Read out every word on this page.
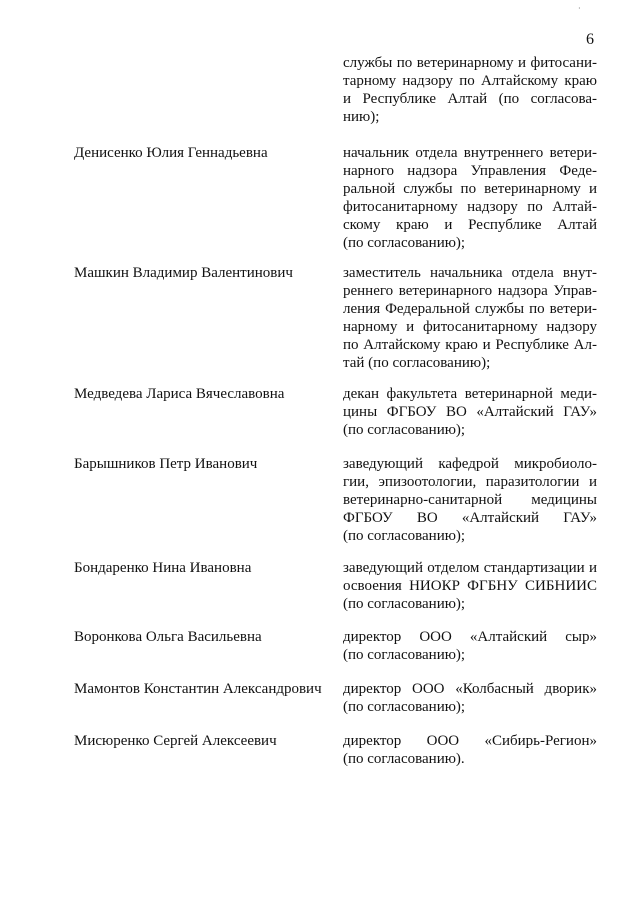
·
6
службы по ветеринарному и фитосани-
тарному надзору по Алтайскому краю
и Республике Алтай (по согласова-
нию);
Денисенко Юлия Геннадьевна	начальник отдела внутреннего ветери-
нарного надзора Управления Феде-
ральной службы по ветеринарному и
фитосанитарному надзору по Алтай-
скому краю и Республике Алтай
(по согласованию);
Машкин Владимир Валентинович	заместитель начальника отдела внут-
реннего ветеринарного надзора Управ-
ления Федеральной службы по ветери-
нарному и фитосанитарному надзору
по Алтайскому краю и Республике Ал-
тай (по согласованию);
Медведева Лариса Вячеславовна	декан факультета ветеринарной меди-
цины ФГБОУ ВО «Алтайский ГАУ»
(по согласованию);
Барышников Петр Иванович	заведующий кафедрой микробиоло-
гии, эпизоотологии, паразитологии и
ветеринарно-санитарной медицины
ФГБОУ ВО «Алтайский ГАУ»
(по согласованию);
Бондаренко Нина Ивановна	заведующий отделом стандартизации и
освоения НИОКР ФГБНУ СИБНИИС
(по согласованию);
Воронкова Ольга Васильевна	директор ООО «Алтайский сыр»
(по согласованию);
Мамонтов Константин Александрович директор ООО «Колбасный дворик»
(по согласованию);
Мисюренко Сергей Алексеевич	директор ООО «Сибирь-Регион»
(по согласованию).
